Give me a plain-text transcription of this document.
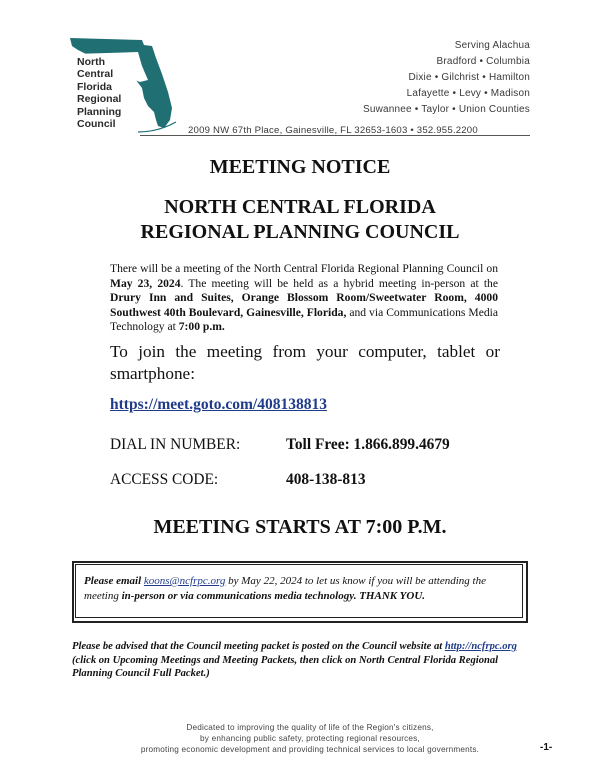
North
Central
Florida
Regional
Planning
Council
Serving Alachua
Bradford • Columbia
Dixie • Gilchrist • Hamilton
Lafayette • Levy • Madison
Suwannee • Taylor • Union Counties
2009 NW 67th Place, Gainesville, FL 32653-1603 • 352.955.2200
MEETING NOTICE
NORTH CENTRAL FLORIDA
REGIONAL PLANNING COUNCIL
There will be a meeting of the North Central Florida Regional Planning Council on May 23, 2024. The meeting will be held as a hybrid meeting in-person at the Drury Inn and Suites, Orange Blossom Room/Sweetwater Room, 4000 Southwest 40th Boulevard, Gainesville, Florida, and via Communications Media Technology at 7:00 p.m.
To join the meeting from your computer, tablet or smartphone:
https://meet.goto.com/408138813
DIAL IN NUMBER:	Toll Free: 1.866.899.4679
ACCESS CODE:	408-138-813
MEETING STARTS AT 7:00 P.M.
Please email koons@ncfrpc.org by May 22, 2024 to let us know if you will be attending the meeting in-person or via communications media technology. THANK YOU.
Please be advised that the Council meeting packet is posted on the Council website at http://ncfrpc.org (click on Upcoming Meetings and Meeting Packets, then click on North Central Florida Regional Planning Council Full Packet.)
Dedicated to improving the quality of life of the Region's citizens,
by enhancing public safety, protecting regional resources,
promoting economic development and providing technical services to local governments.	-1-
